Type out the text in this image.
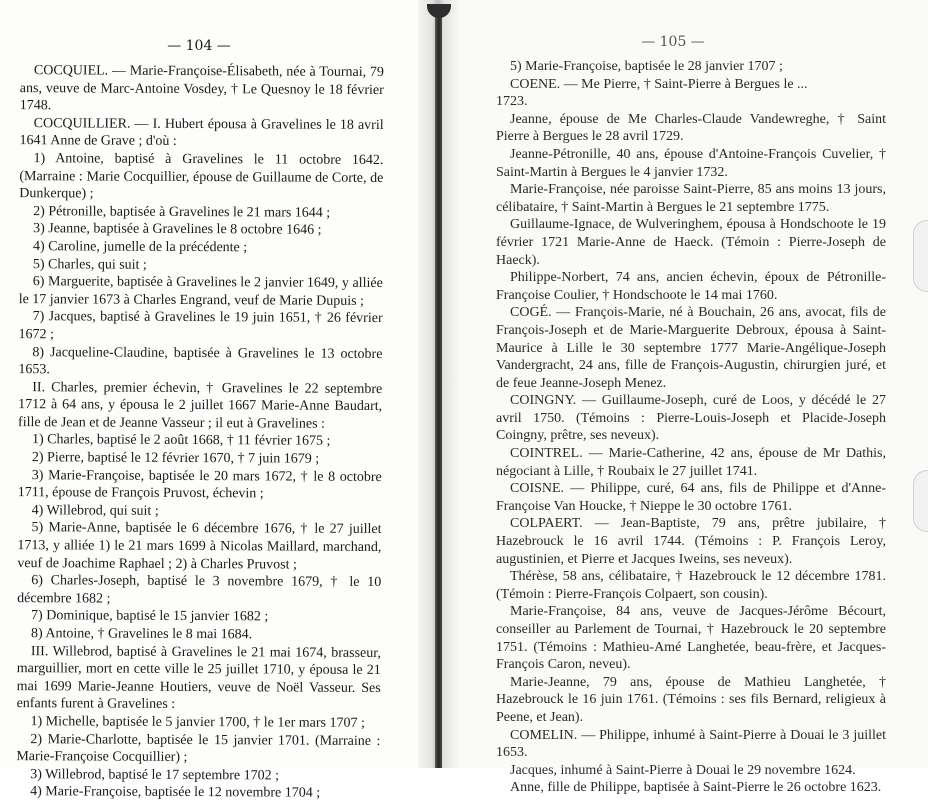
— 104 —

COCQUIEL. — Marie-Françoise-Élisabeth, née à Tournai, 79 ans, veuve de Marc-Antoine Vosdey, † Le Quesnoy le 18 février 1748.

COCQUILLIER. — I. Hubert épousa à Gravelines le 18 avril 1641 Anne de Grave ; d'où :

1) Antoine, baptisé à Gravelines le 11 octobre 1642. (Marraine : Marie Cocquillier, épouse de Guillaume de Corte, de Dunkerque) ;

2) Pétronille, baptisée à Gravelines le 21 mars 1644 ;

3) Jeanne, baptisée à Gravelines le 8 octobre 1646 ;

4) Caroline, jumelle de la précédente ;

5) Charles, qui suit ;

6) Marguerite, baptisée à Gravelines le 2 janvier 1649, y alliée le 17 janvier 1673 à Charles Engrand, veuf de Marie Dupuis ;

7) Jacques, baptisé à Gravelines le 19 juin 1651, † 26 février 1672 ;

8) Jacqueline-Claudine, baptisée à Gravelines le 13 octobre 1653.

II. Charles, premier échevin, † Gravelines le 22 septembre 1712 à 64 ans, y épousa le 2 juillet 1667 Marie-Anne Baudart, fille de Jean et de Jeanne Vasseur ; il eut à Gravelines :

1) Charles, baptisé le 2 août 1668, † 11 février 1675 ;

2) Pierre, baptisé le 12 février 1670, † 7 juin 1679 ;

3) Marie-Françoise, baptisée le 20 mars 1672, † le 8 octobre 1711, épouse de François Pruvost, échevin ;

4) Willebrod, qui suit ;

5) Marie-Anne, baptisée le 6 décembre 1676, † le 27 juillet 1713, y alliée 1) le 21 mars 1699 à Nicolas Maillard, marchand, veuf de Joachime Raphael ; 2) à Charles Pruvost ;

6) Charles-Joseph, baptisé le 3 novembre 1679, † le 10 décembre 1682 ;

7) Dominique, baptisé le 15 janvier 1682 ;

8) Antoine, † Gravelines le 8 mai 1684.

III. Willebrod, baptisé à Gravelines le 21 mai 1674, brasseur, marguillier, mort en cette ville le 25 juillet 1710, y épousa le 21 mai 1699 Marie-Jeanne Houtiers, veuve de Noël Vasseur. Ses enfants furent à Gravelines :

1) Michelle, baptisée le 5 janvier 1700, † le 1er mars 1707 ;

2) Marie-Charlotte, baptisée le 15 janvier 1701. (Marraine : Marie-Françoise Cocquillier) ;

3) Willebrod, baptisé le 17 septembre 1702 ;

4) Marie-Françoise, baptisée le 12 novembre 1704 ;

— 105 —

5) Marie-Françoise, baptisée le 28 janvier 1707 ;

COENE. — Me Pierre, † Saint-Pierre à Bergues le ...

1723.

Jeanne, épouse de Me Charles-Claude Vandewreghe, † Saint Pierre à Bergues le 28 avril 1729.

Jeanne-Pétronille, 40 ans, épouse d'Antoine-François Cuvelier, † Saint-Martin à Bergues le 4 janvier 1732.

Marie-Françoise, née paroisse Saint-Pierre, 85 ans moins 13 jours, célibataire, † Saint-Martin à Bergues le 21 septembre 1775.

Guillaume-Ignace, de Wulveringhem, épousa à Hondschoote le 19 février 1721 Marie-Anne de Haeck. (Témoin : Pierre-Joseph de Haeck).

Philippe-Norbert, 74 ans, ancien échevin, époux de Pétronille-Françoise Coulier, † Hondschoote le 14 mai 1760.

COGÉ. — François-Marie, né à Bouchain, 26 ans, avocat, fils de François-Joseph et de Marie-Marguerite Debroux, épousa à Saint-Maurice à Lille le 30 septembre 1777 Marie-Angélique-Joseph Vandergracht, 24 ans, fille de François-Augustin, chirurgien juré, et de feue Jeanne-Joseph Menez.

COINGNY. — Guillaume-Joseph, curé de Loos, y décédé le 27 avril 1750. (Témoins : Pierre-Louis-Joseph et Placide-Joseph Coingny, prêtre, ses neveux).

COINTREL. — Marie-Catherine, 42 ans, épouse de Mr Dathis, négociant à Lille, † Roubaix le 27 juillet 1741.

COISNE. — Philippe, curé, 64 ans, fils de Philippe et d'Anne-Françoise Van Houcke, † Nieppe le 30 octobre 1761.

COLPAERT. — Jean-Baptiste, 79 ans, prêtre jubilaire, † Hazebrouck le 16 avril 1744. (Témoins : P. François Leroy, augustinien, et Pierre et Jacques Iweins, ses neveux).

Thérèse, 58 ans, célibataire, † Hazebrouck le 12 décembre 1781. (Témoin : Pierre-François Colpaert, son cousin).

Marie-Françoise, 84 ans, veuve de Jacques-Jérôme Bécourt, conseiller au Parlement de Tournai, † Hazebrouck le 20 septembre 1751. (Témoins : Mathieu-Amé Langhetée, beau-frère, et Jacques-François Caron, neveu).

Marie-Jeanne, 79 ans, épouse de Mathieu Langhetée, † Hazebrouck le 16 juin 1761. (Témoins : ses fils Bernard, religieux à Peene, et Jean).

COMELIN. — Philippe, inhumé à Saint-Pierre à Douai le 3 juillet 1653.

Jacques, inhumé à Saint-Pierre à Douai le 29 novembre 1624.

Anne, fille de Philippe, baptisée à Saint-Pierre le 26 octobre 1623.
